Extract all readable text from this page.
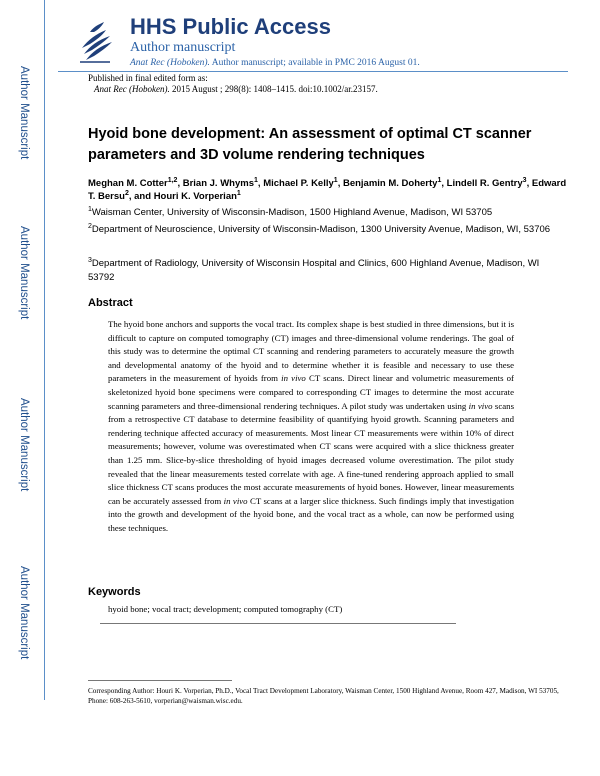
Author Manuscript
Author Manuscript
Author Manuscript
Author Manuscript
HHS Public Access
Author manuscript
Anat Rec (Hoboken). Author manuscript; available in PMC 2016 August 01.
Published in final edited form as:
Anat Rec (Hoboken). 2015 August ; 298(8): 1408–1415. doi:10.1002/ar.23157.
Hyoid bone development: An assessment of optimal CT scanner parameters and 3D volume rendering techniques
Meghan M. Cotter$^{1,2}$, Brian J. Whyms$^1$, Michael P. Kelly$^1$, Benjamin M. Doherty$^1$, Lindell R. Gentry$^3$, Edward T. Bersu$^2$, and Houri K. Vorperian$^1$
$^1$Waisman Center, University of Wisconsin-Madison, 1500 Highland Avenue, Madison, WI 53705
$^2$Department of Neuroscience, University of Wisconsin-Madison, 1300 University Avenue, Madison, WI, 53706
$^3$Department of Radiology, University of Wisconsin Hospital and Clinics, 600 Highland Avenue, Madison, WI 53792
Abstract
The hyoid bone anchors and supports the vocal tract. Its complex shape is best studied in three dimensions, but it is difficult to capture on computed tomography (CT) images and three-dimensional volume renderings. The goal of this study was to determine the optimal CT scanning and rendering parameters to accurately measure the growth and developmental anatomy of the hyoid and to determine whether it is feasible and necessary to use these parameters in the measurement of hyoids from in vivo CT scans. Direct linear and volumetric measurements of skeletonized hyoid bone specimens were compared to corresponding CT images to determine the most accurate scanning parameters and three-dimensional rendering techniques. A pilot study was undertaken using in vivo scans from a retrospective CT database to determine feasibility of quantifying hyoid growth. Scanning parameters and rendering technique affected accuracy of measurements. Most linear CT measurements were within 10% of direct measurements; however, volume was overestimated when CT scans were acquired with a slice thickness greater than 1.25 mm. Slice-by-slice thresholding of hyoid images decreased volume overestimation. The pilot study revealed that the linear measurements tested correlate with age. A fine-tuned rendering approach applied to small slice thickness CT scans produces the most accurate measurements of hyoid bones. However, linear measurements can be accurately assessed from in vivo CT scans at a larger slice thickness. Such findings imply that investigation into the growth and development of the hyoid bone, and the vocal tract as a whole, can now be performed using these techniques.
Keywords
hyoid bone; vocal tract; development; computed tomography (CT)
Corresponding Author: Houri K. Vorperian, Ph.D., Vocal Tract Development Laboratory, Waisman Center, 1500 Highland Avenue, Room 427, Madison, WI 53705, Phone: 608-263-5610, vorperian@waisman.wisc.edu.
